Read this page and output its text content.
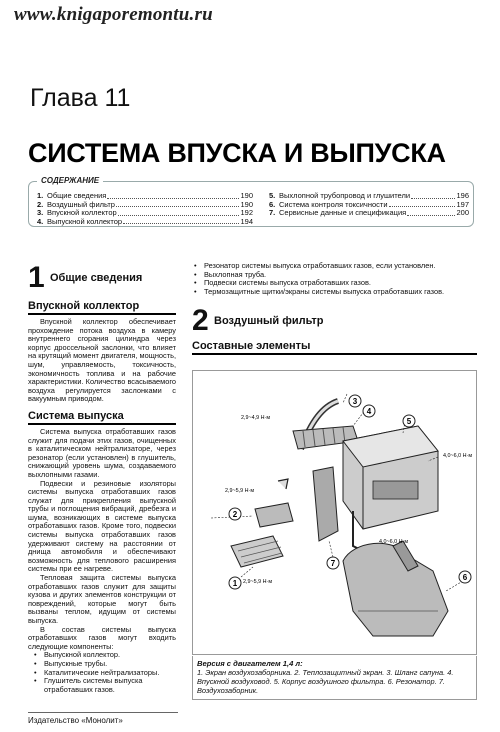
www.knigaporemontu.ru
Глава 11
СИСТЕМА ВПУСКА И ВЫПУСКА
СОДЕРЖАНИЕ
1. Общие сведения	190
2. Воздушный фильтр	190
3. Впускной коллектор	192
4. Выпускной коллектор	194
5. Выхлопной трубопровод и глушители	196
6. Система контроля токсичности	197
7. Сервисные данные и спецификация	200
1 Общие сведения
Впускной коллектор

Впускной коллектор обеспечивает прохождение потока воздуха в камеру внутреннего сгорания цилиндра через корпус дроссельной заслонки, что влияет на крутящий момент двигателя, мощность, шум, управляемость, токсичность, экономичность топлива и на рабочие характеристики. Количество всасываемого воздуха регулируется заслонками с вакуумным приводом.

Система выпуска

Система выпуска отработавших газов служит для подачи этих газов, очищенных в каталитическом нейтрализаторе, через резонатор (если установлен) в глушитель, снижающий уровень шума, создаваемого выхлопными газами.

Подвески и резиновые изоляторы системы выпуска отработавших газов служат для прикрепления выпускной трубы и поглощения вибраций, дребезга и шума, возникающих в системе выпуска отработавших газов. Кроме того, подвески системы выпуска отработавших газов удерживают систему на расстоянии от днища автомобиля и обеспечивают возможность для теплового расширения системы при ее нагреве.

Тепловая защита системы выпуска отработавших газов служит для защиты кузова и других элементов конструкции от повреждений, которые могут быть вызваны теплом, идущим от системы выпуска.

В состав системы выпуска отработавших газов могут входить следующие компоненты:

• Выпускной коллектор.
• Выпускные трубы.
• Каталитические нейтрализаторы.
• Глушитель системы выпуска отработавших газов.
• Резонатор системы выпуска отработавших газов, если установлен.
• Выхлопная труба.
• Подвески системы выпуска отработавших газов.
• Термозащитные щитки/экраны системы выпуска отработавших газов.
2 Воздушный фильтр
Составные элементы
3
4
5
2
1
7
6
2,9~4,9 Н·м
4,0~6,0 Н·м
2,9~5,9 Н·м
4,0~6,0 Н·м
2,9~5,9 Н·м
Версия с двигателем 1,4 л:
1. Экран воздухозаборника. 2. Теплозащитный экран. 3. Шланг сапуна. 4. Впускной воздуховод. 5. Корпус воздушного фильтра. 6. Резонатор. 7. Воздухозаборник.
Издательство «Монолит»
